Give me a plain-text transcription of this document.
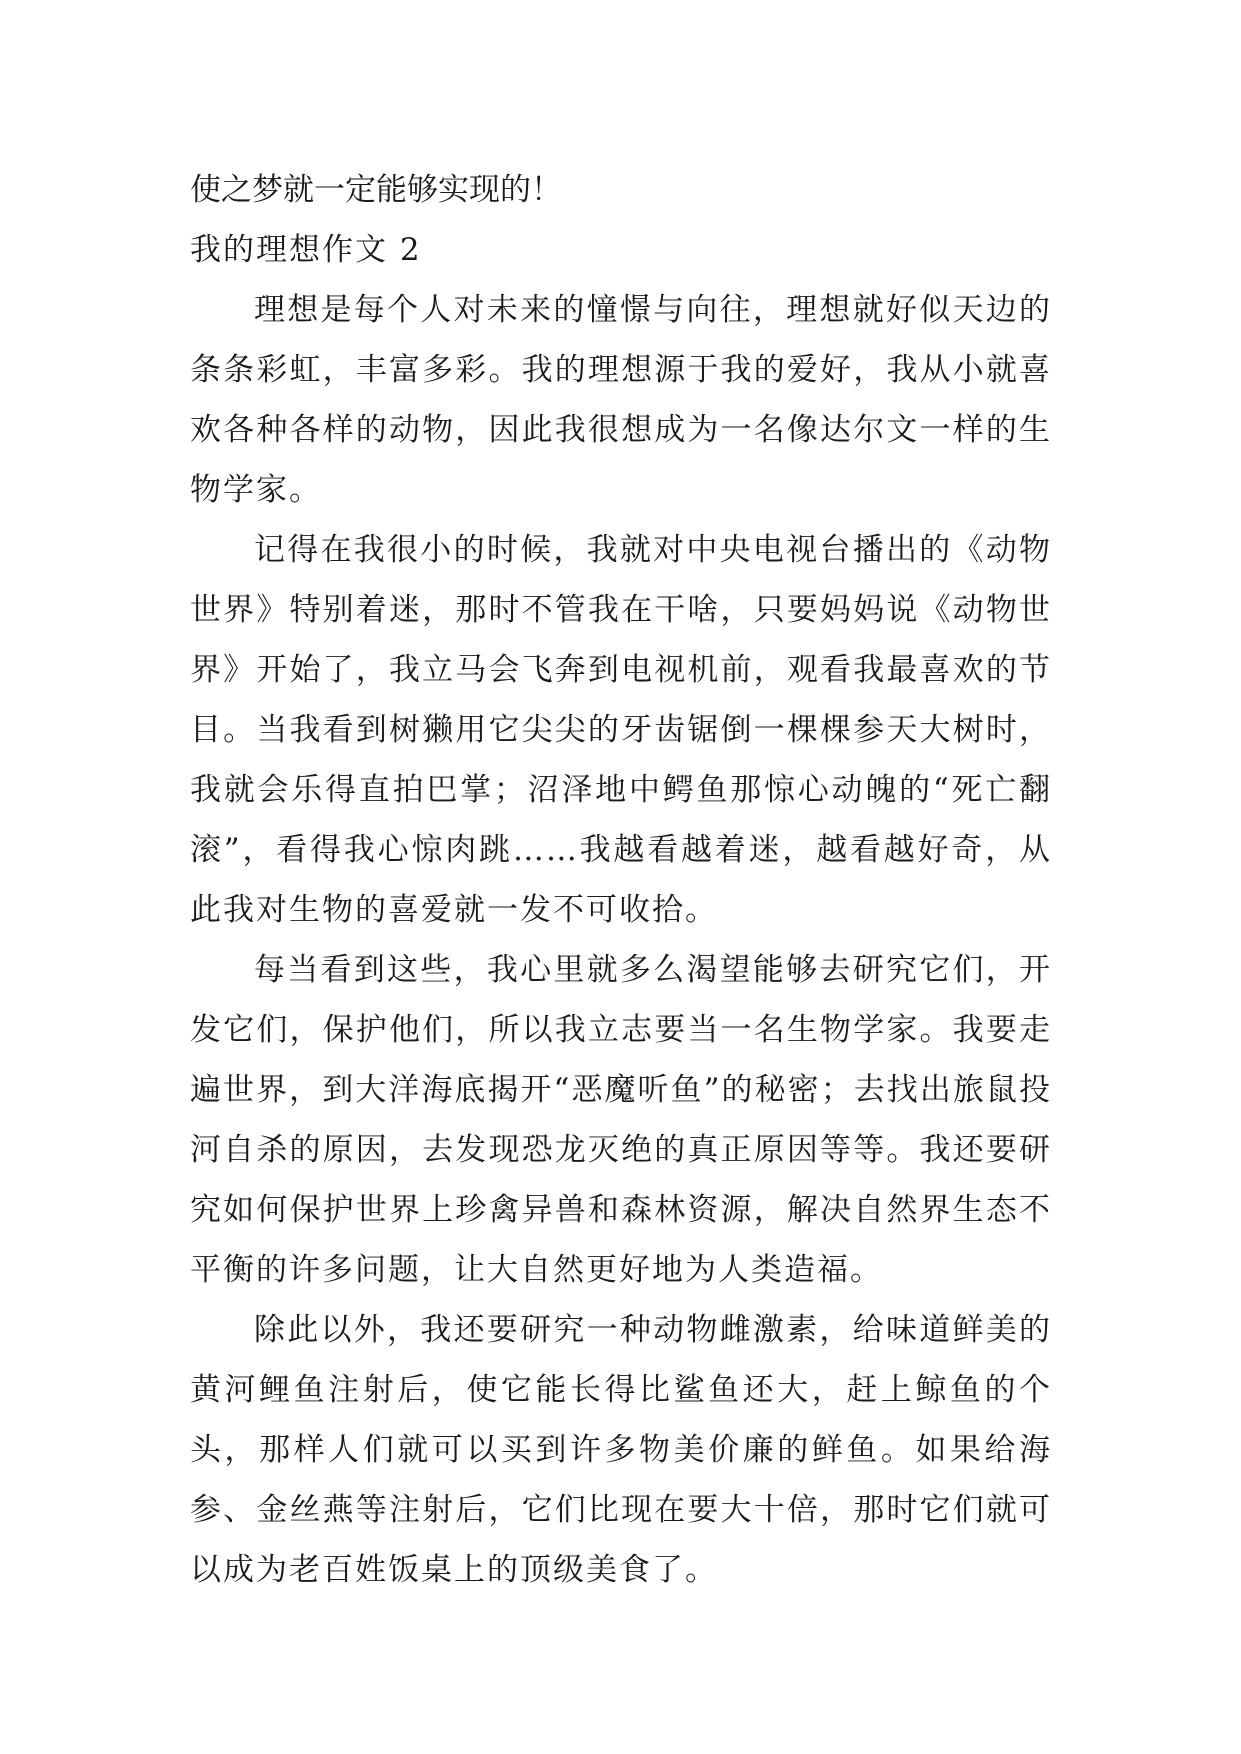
使之梦就一定能够实现的！

我的理想作文 2

理想是每个人对未来的憧憬与向往，理想就好似天边的条条彩虹，丰富多彩。我的理想源于我的爱好，我从小就喜欢各种各样的动物，因此我很想成为一名像达尔文一样的生物学家。

记得在我很小的时候，我就对中央电视台播出的《动物世界》特别着迷，那时不管我在干啥，只要妈妈说《动物世界》开始了，我立马会飞奔到电视机前，观看我最喜欢的节目。当我看到树獭用它尖尖的牙齿锯倒一棵棵参天大树时，我就会乐得直拍巴掌；沼泽地中鳄鱼那惊心动魄的“死亡翻滚”，看得我心惊肉跳……我越看越着迷，越看越好奇，从此我对生物的喜爱就一发不可收拾。

每当看到这些，我心里就多么渴望能够去研究它们，开发它们，保护他们，所以我立志要当一名生物学家。我要走遍世界，到大洋海底揭开“恶魔听鱼”的秘密；去找出旅鼠投河自杀的原因，去发现恐龙灭绝的真正原因等等。我还要研究如何保护世界上珍禽异兽和森林资源，解决自然界生态不平衡的许多问题，让大自然更好地为人类造福。

除此以外，我还要研究一种动物雌激素，给味道鲜美的黄河鲤鱼注射后，使它能长得比鲨鱼还大，赶上鲸鱼的个头，那样人们就可以买到许多物美价廉的鲜鱼。如果给海参、金丝燕等注射后，它们比现在要大十倍，那时它们就可以成为老百姓饭桌上的顶级美食了。
